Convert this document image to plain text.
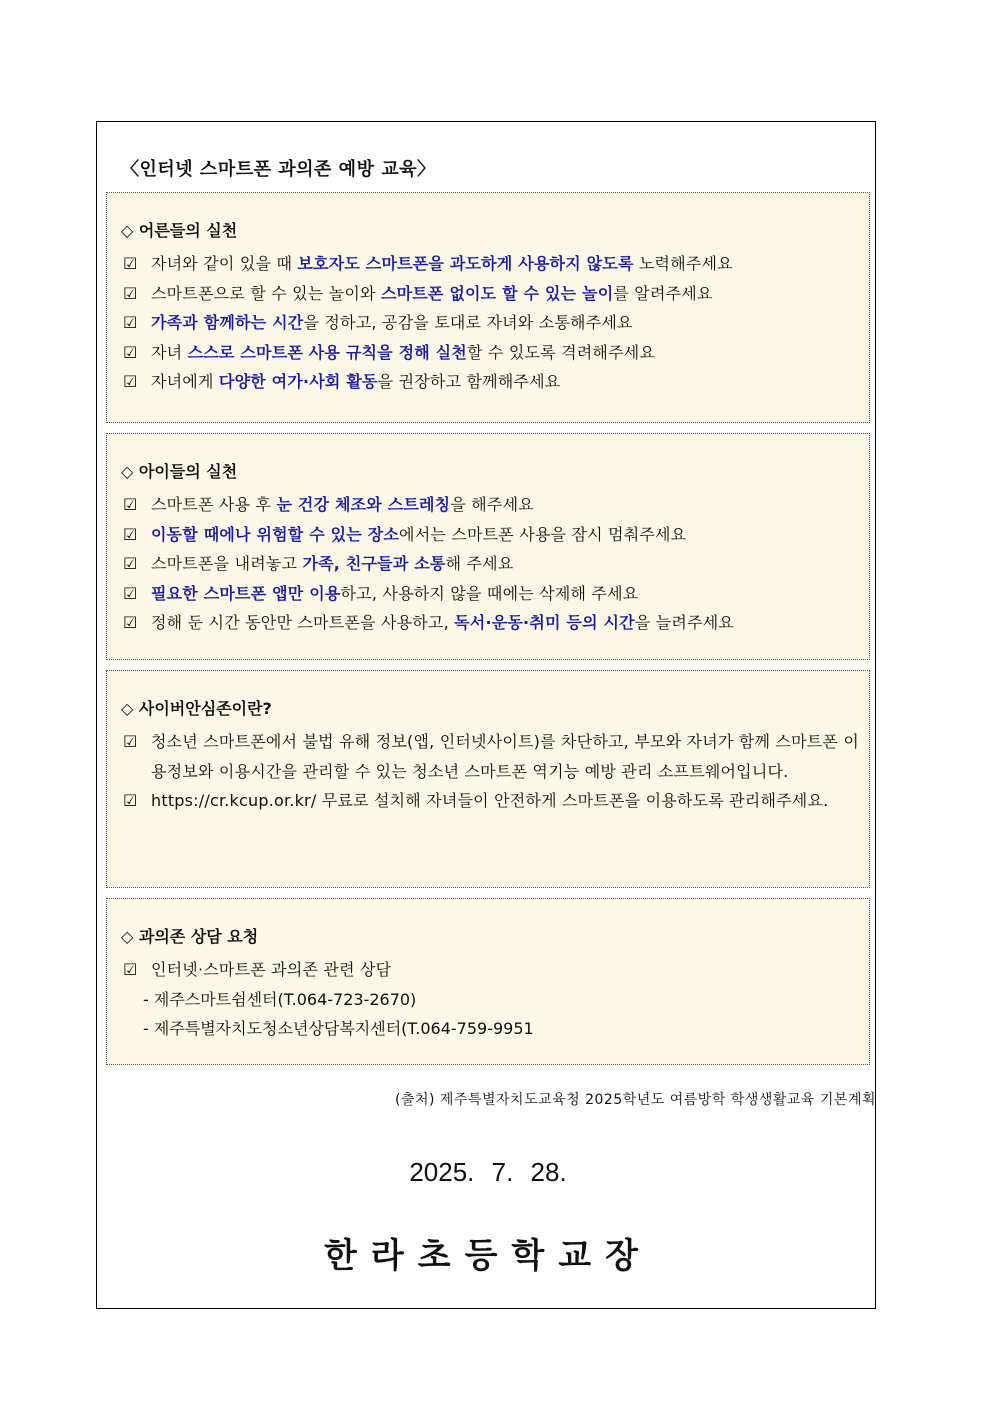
〈인터넷 스마트폰 과의존 예방 교육〉
◇ 어른들의 실천
☑ 자녀와 같이 있을 때 보호자도 스마트폰을 과도하게 사용하지 않도록 노력해주세요
☑ 스마트폰으로 할 수 있는 놀이와 스마트폰 없이도 할 수 있는 놀이를 알려주세요
☑ 가족과 함께하는 시간을 정하고, 공감을 토대로 자녀와 소통해주세요
☑ 자녀 스스로 스마트폰 사용 규칙을 정해 실천할 수 있도록 격려해주세요
☑ 자녀에게 다양한 여가·사회 활동을 권장하고 함께해주세요
◇ 아이들의 실천
☑ 스마트폰 사용 후 눈 건강 체조와 스트레칭을 해주세요
☑ 이동할 때에나 위험할 수 있는 장소에서는 스마트폰 사용을 잠시 멈춰주세요
☑ 스마트폰을 내려놓고 가족, 친구들과 소통해 주세요
☑ 필요한 스마트폰 앱만 이용하고, 사용하지 않을 때에는 삭제해 주세요
☑ 정해 둔 시간 동안만 스마트폰을 사용하고, 독서·운동·취미 등의 시간을 늘려주세요
◇ 사이버안심존이란?
☑ 청소년 스마트폰에서 불법 유해 정보(앱, 인터넷사이트)를 차단하고, 부모와 자녀가 함께 스마트폰 이용정보와 이용시간을 관리할 수 있는 청소년 스마트폰 역기능 예방 관리 소프트웨어입니다.
☑ https://cr.kcup.or.kr/ 무료로 설치해 자녀들이 안전하게 스마트폰을 이용하도록 관리해주세요.
◇ 과의존 상담 요청
☑ 인터넷·스마트폰 과의존 관련 상담
- 제주스마트쉼센터(T.064-723-2670)
- 제주특별자치도청소년상담복지센터(T.064-759-9951
(출처) 제주특별자치도교육청 2025학년도 여름방학 학생생활교육 기본계획
2025. 7. 28.
한라초등학교장
